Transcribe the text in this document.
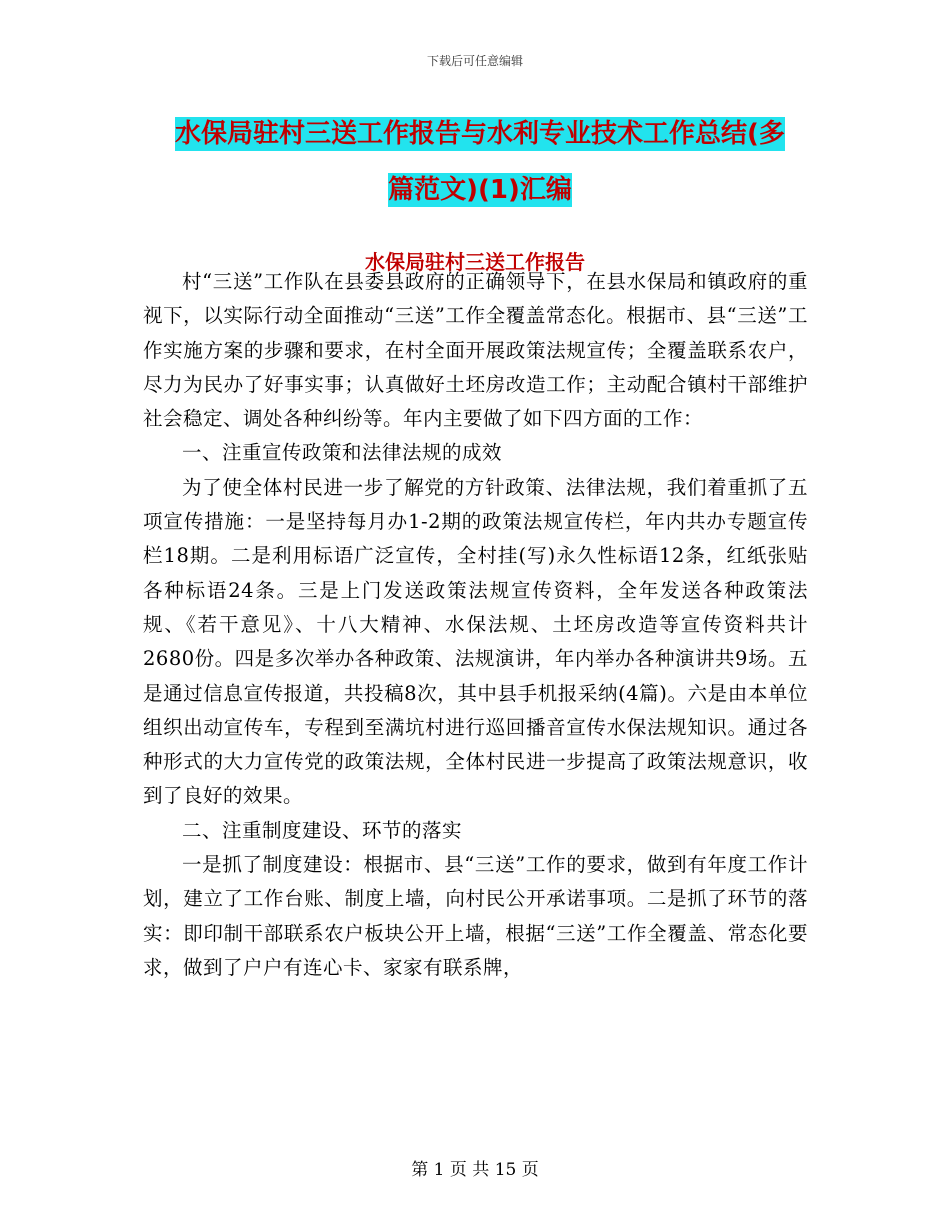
下载后可任意编辑
水保局驻村三送工作报告与水利专业技术工作总结(多
篇范文)(1)汇编
水保局驻村三送工作报告

村“三送”工作队在县委县政府的正确领导下，在县水保局和镇政府的重视下，以实际行动全面推动“三送”工作全覆盖常态化。根据市、县“三送”工作实施方案的步骤和要求，在村全面开展政策法规宣传；全覆盖联系农户，尽力为民办了好事实事；认真做好土坯房改造工作；主动配合镇村干部维护社会稳定、调处各种纠纷等。年内主要做了如下四方面的工作：

一、注重宣传政策和法律法规的成效

为了使全体村民进一步了解党的方针政策、法律法规，我们着重抓了五项宣传措施：一是坚持每月办1-2期的政策法规宣传栏，年内共办专题宣传栏18期。二是利用标语广泛宣传，全村挂(写)永久性标语12条，红纸张贴各种标语24条。三是上门发送政策法规宣传资料，全年发送各种政策法规、《若干意见》、十八大精神、水保法规、土坯房改造等宣传资料共计2680份。四是多次举办各种政策、法规演讲，年内举办各种演讲共9场。五是通过信息宣传报道，共投稿8次，其中县手机报采纳(4篇)。六是由本单位组织出动宣传车，专程到至满坑村进行巡回播音宣传水保法规知识。通过各种形式的大力宣传党的政策法规，全体村民进一步提高了政策法规意识，收到了良好的效果。

二、注重制度建设、环节的落实

一是抓了制度建设：根据市、县“三送”工作的要求，做到有年度工作计划，建立了工作台账、制度上墙，向村民公开承诺事项。二是抓了环节的落实：即印制干部联系农户板块公开上墙，根据“三送”工作全覆盖、常态化要求，做到了户户有连心卡、家家有联系牌，

第 1 页 共 15 页
